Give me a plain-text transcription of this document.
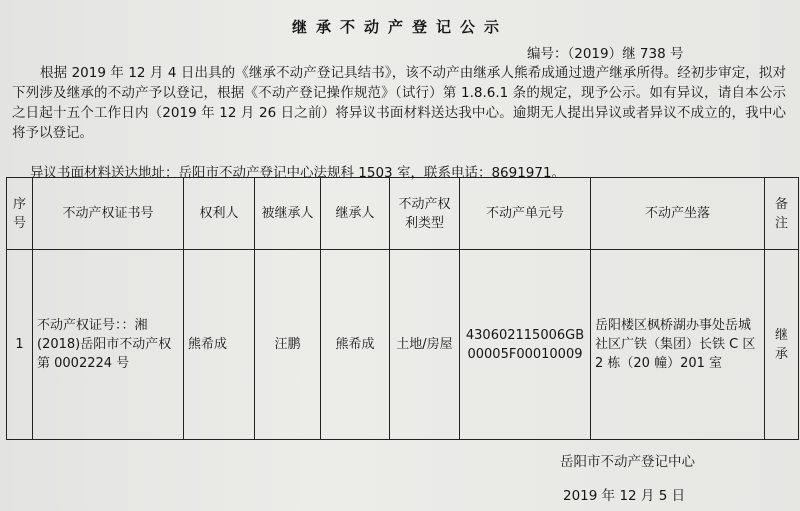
继承不动产登记公示
编号：（2019）继 738 号
根据 2019 年 12 月 4 日出具的《继承不动产登记具结书》，该不动产由继承人熊希成通过遗产继承所得。经初步审定，拟对下列涉及继承的不动产予以登记，根据《不动产登记操作规范》（试行）第 1.8.6.1 条的规定，现予公示。如有异议，请自本公示之日起十五个工作日内（2019 年 12 月 26 日之前）将异议书面材料送达我中心。逾期无人提出异议或者异议不成立的，我中心将予以登记。
异议书面材料送达地址：岳阳市不动产登记中心法规科 1503 室，联系电话：8691971。
序号	不动产权证书号	权利人	被继承人	继承人	不动产权利类型	不动产单元号	不动产坐落	备注
1	不动产权证号：：湘(2018)岳阳市不动产权第 0002224 号	熊希成	汪鹏	熊希成	土地/房屋	430602115006GB00005F00010009	岳阳楼区枫桥湖办事处岳城社区广铁（集团）长铁 C 区 2 栋（20 幢）201 室	继承
岳阳市不动产登记中心
2019 年 12 月 5 日
